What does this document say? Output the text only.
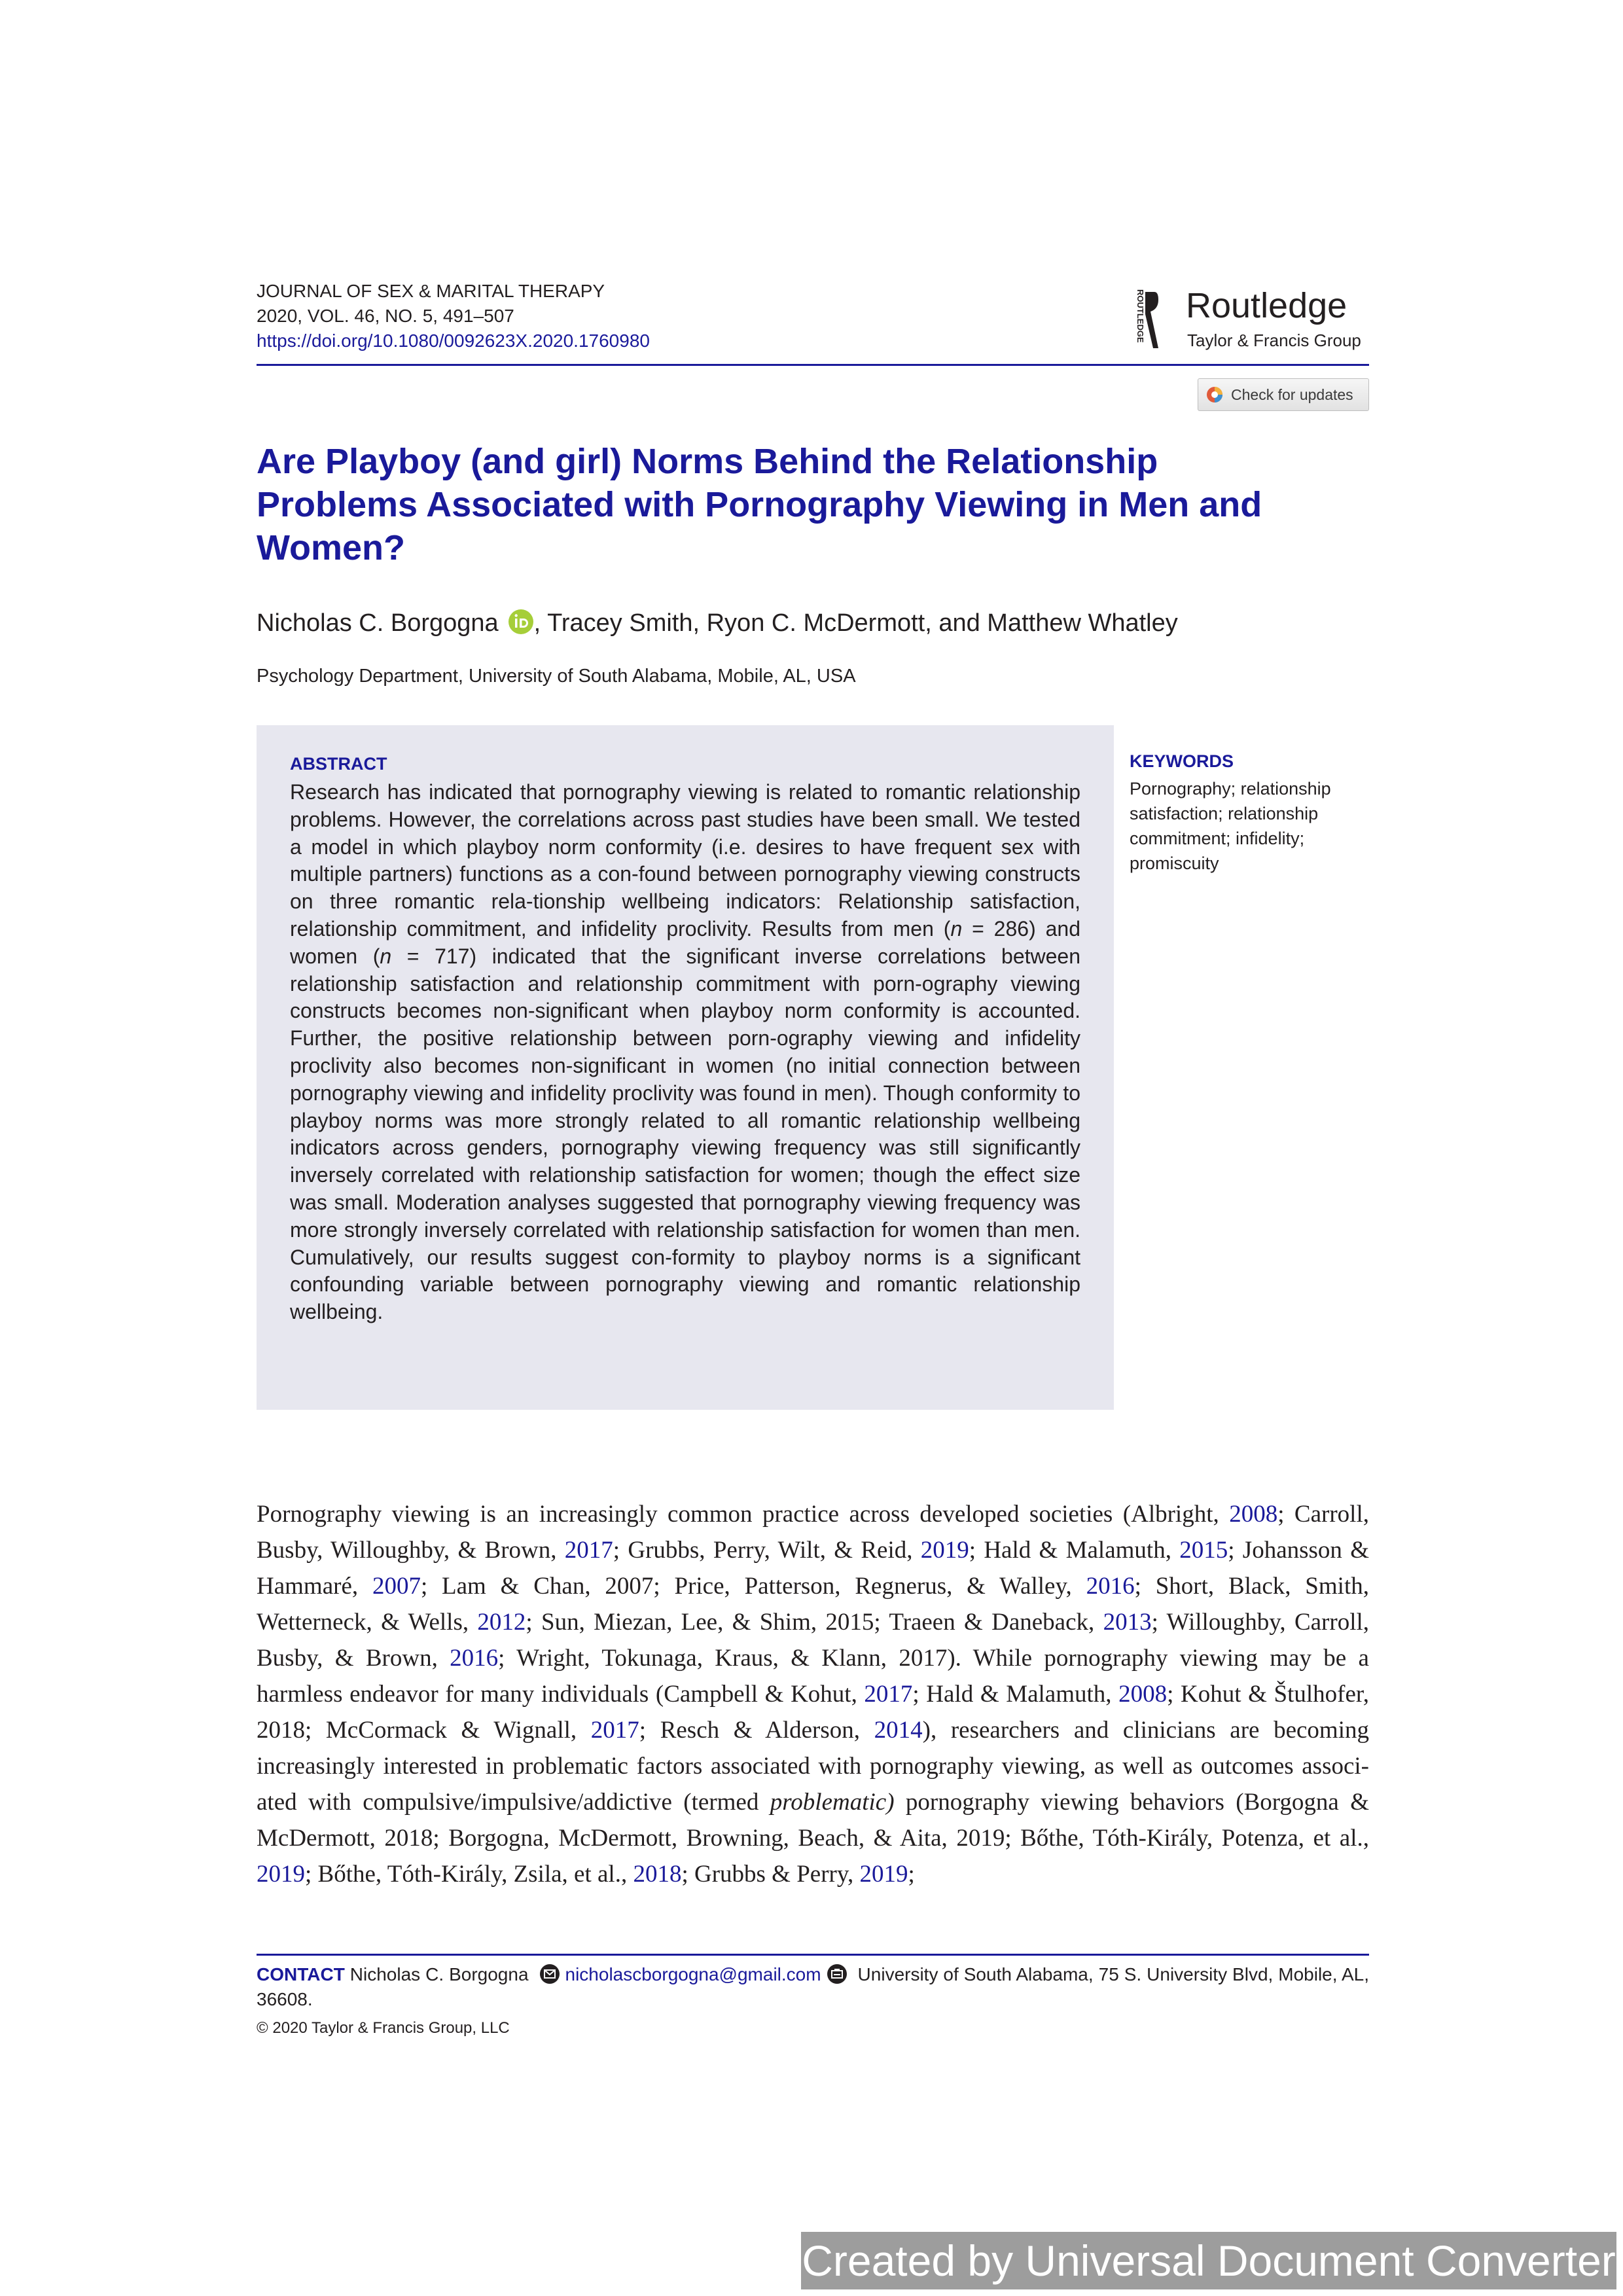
JOURNAL OF SEX & MARITAL THERAPY
2020, VOL. 46, NO. 5, 491–507
https://doi.org/10.1080/0092623X.2020.1760980	ROUTLEDGE Routledge
Taylor & Francis Group
Check for updates
Are Playboy (and girl) Norms Behind the Relationship Problems Associated with Pornography Viewing in Men and Women?
Nicholas C. Borgogna , Tracey Smith, Ryon C. McDermott, and Matthew Whatley
Psychology Department, University of South Alabama, Mobile, AL, USA
ABSTRACT
Research has indicated that pornography viewing is related to romantic relationship problems. However, the correlations across past studies have been small. We tested a model in which playboy norm conformity (i.e. desires to have frequent sex with multiple partners) functions as a con-found between pornography viewing constructs on three romantic rela-tionship wellbeing indicators: Relationship satisfaction, relationship commitment, and infidelity proclivity. Results from men (n = 286) and women (n = 717) indicated that the significant inverse correlations between relationship satisfaction and relationship commitment with porn-ography viewing constructs becomes non-significant when playboy norm conformity is accounted. Further, the positive relationship between porn-ography viewing and infidelity proclivity also becomes non-significant in women (no initial connection between pornography viewing and infidelity proclivity was found in men). Though conformity to playboy norms was more strongly related to all romantic relationship wellbeing indicators across genders, pornography viewing frequency was still significantly inversely correlated with relationship satisfaction for women; though the effect size was small. Moderation analyses suggested that pornography viewing frequency was more strongly inversely correlated with relationship satisfaction for women than men. Cumulatively, our results suggest con-formity to playboy norms is a significant confounding variable between pornography viewing and romantic relationship wellbeing.
KEYWORDS
Pornography; relationship satisfaction; relationship commitment; infidelity; promiscuity
Pornography viewing is an increasingly common practice across developed societies (Albright, 2008; Carroll, Busby, Willoughby, & Brown, 2017; Grubbs, Perry, Wilt, & Reid, 2019; Hald & Malamuth, 2015; Johansson & Hammaré, 2007; Lam & Chan, 2007; Price, Patterson, Regnerus, & Walley, 2016; Short, Black, Smith, Wetterneck, & Wells, 2012; Sun, Miezan, Lee, & Shim, 2015; Traeen & Daneback, 2013; Willoughby, Carroll, Busby, & Brown, 2016; Wright, Tokunaga, Kraus, & Klann, 2017). While pornography viewing may be a harmless endeavor for many individuals (Campbell & Kohut, 2017; Hald & Malamuth, 2008; Kohut & Štulhofer, 2018; McCormack & Wignall, 2017; Resch & Alderson, 2014), researchers and clinicians are becoming increasingly interested in problematic factors associated with pornography viewing, as well as outcomes associ-ated with compulsive/impulsive/addictive (termed problematic) pornography viewing behaviors (Borgogna & McDermott, 2018; Borgogna, McDermott, Browning, Beach, & Aita, 2019; Bőthe, Tóth-Király, Potenza, et al., 2019; Bőthe, Tóth-Király, Zsila, et al., 2018; Grubbs & Perry, 2019;
CONTACT Nicholas C. Borgogna nicholascborgogna@gmail.com University of South Alabama, 75 S. University Blvd, Mobile, AL, 36608.
© 2020 Taylor & Francis Group, LLC
Created by Universal Document Converter
